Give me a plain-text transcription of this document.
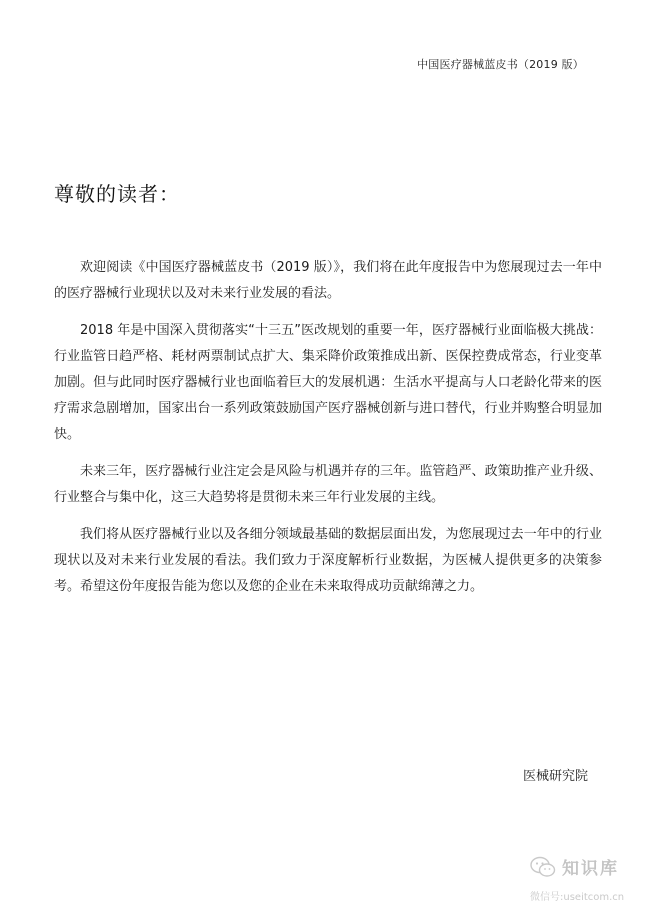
中国医疗器械蓝皮书（2019 版）
尊敬的读者：

欢迎阅读《中国医疗器械蓝皮书（2019 版）》，我们将在此年度报告中为您展现过去一年中的医疗器械行业现状以及对未来行业发展的看法。

2018 年是中国深入贯彻落实“十三五”医改规划的重要一年，医疗器械行业面临极大挑战：行业监管日趋严格、耗材两票制试点扩大、集采降价政策推成出新、医保控费成常态，行业变革加剧。但与此同时医疗器械行业也面临着巨大的发展机遇：生活水平提高与人口老龄化带来的医疗需求急剧增加，国家出台一系列政策鼓励国产医疗器械创新与进口替代，行业并购整合明显加快。

未来三年，医疗器械行业注定会是风险与机遇并存的三年。监管趋严、政策助推产业升级、行业整合与集中化，这三大趋势将是贯彻未来三年行业发展的主线。

我们将从医疗器械行业以及各细分领域最基础的数据层面出发，为您展现过去一年中的行业现状以及对未来行业发展的看法。我们致力于深度解析行业数据，为医械人提供更多的决策参考。希望这份年度报告能为您以及您的企业在未来取得成功贡献绵薄之力。

医械研究院
知识库
微信号:useitcom.cn
